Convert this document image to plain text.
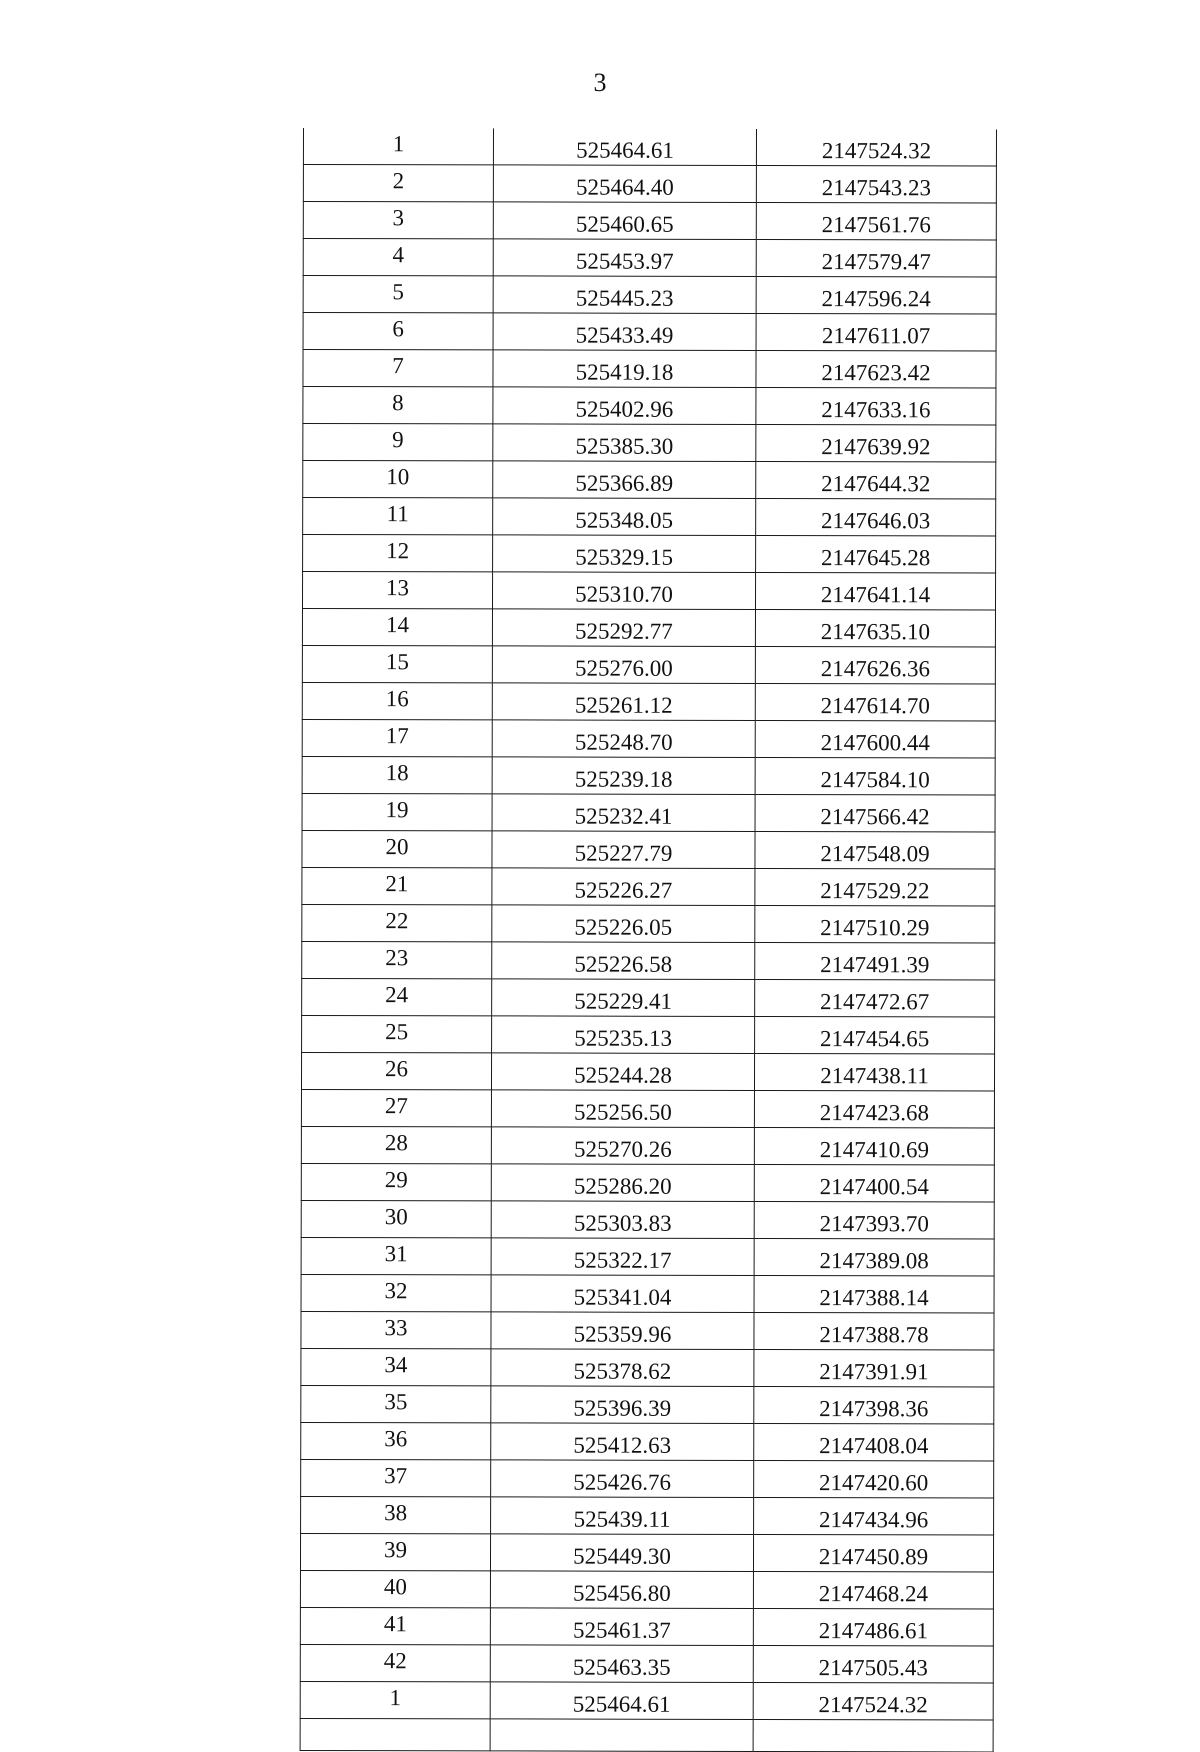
3
1	525464.61	2147524.32
2	525464.40	2147543.23
3	525460.65	2147561.76
4	525453.97	2147579.47
5	525445.23	2147596.24
6	525433.49	2147611.07
7	525419.18	2147623.42
8	525402.96	2147633.16
9	525385.30	2147639.92
10	525366.89	2147644.32
11	525348.05	2147646.03
12	525329.15	2147645.28
13	525310.70	2147641.14
14	525292.77	2147635.10
15	525276.00	2147626.36
16	525261.12	2147614.70
17	525248.70	2147600.44
18	525239.18	2147584.10
19	525232.41	2147566.42
20	525227.79	2147548.09
21	525226.27	2147529.22
22	525226.05	2147510.29
23	525226.58	2147491.39
24	525229.41	2147472.67
25	525235.13	2147454.65
26	525244.28	2147438.11
27	525256.50	2147423.68
28	525270.26	2147410.69
29	525286.20	2147400.54
30	525303.83	2147393.70
31	525322.17	2147389.08
32	525341.04	2147388.14
33	525359.96	2147388.78
34	525378.62	2147391.91
35	525396.39	2147398.36
36	525412.63	2147408.04
37	525426.76	2147420.60
38	525439.11	2147434.96
39	525449.30	2147450.89
40	525456.80	2147468.24
41	525461.37	2147486.61
42	525463.35	2147505.43
1	525464.61	2147524.32
